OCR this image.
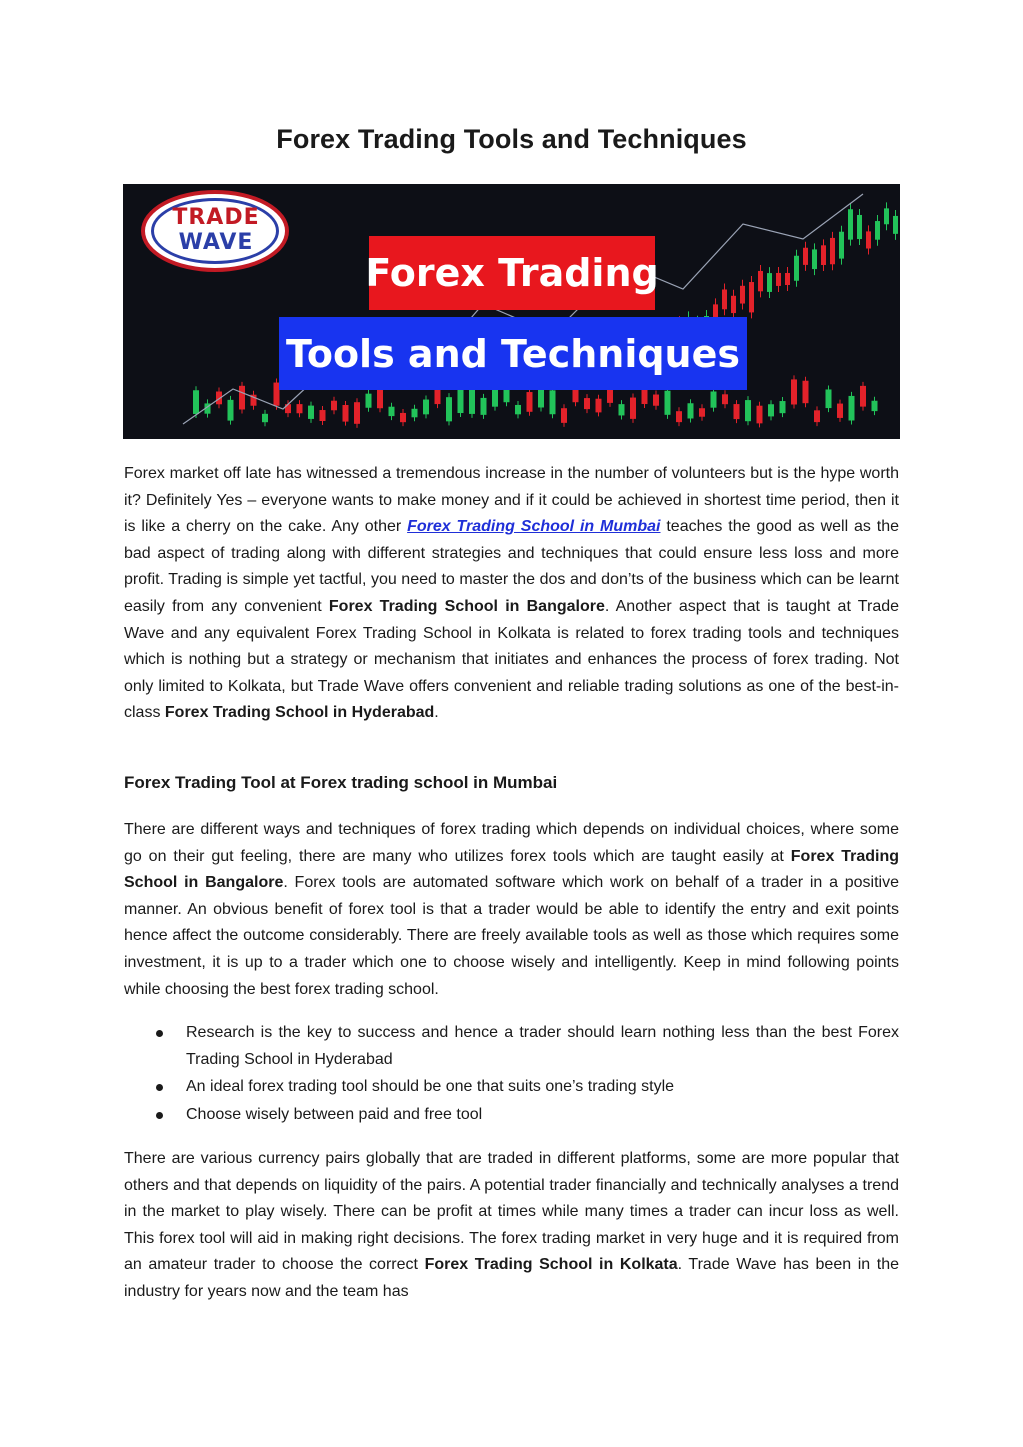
Forex Trading Tools and Techniques
TRADE
WAVE
Forex Trading
Tools and Techniques

Forex market off late has witnessed a tremendous increase in the number of volunteers but is the hype worth it? Definitely Yes – everyone wants to make money and if it could be achieved in shortest time period, then it is like a cherry on the cake. Any other Forex Trading School in Mumbai teaches the good as well as the bad aspect of trading along with different strategies and techniques that could ensure less loss and more profit. Trading is simple yet tactful, you need to master the dos and don’ts of the business which can be learnt easily from any convenient Forex Trading School in Bangalore. Another aspect that is taught at Trade Wave and any equivalent Forex Trading School in Kolkata is related to forex trading tools and techniques which is nothing but a strategy or mechanism that initiates and enhances the process of forex trading. Not only limited to Kolkata, but Trade Wave offers convenient and reliable trading solutions as one of the best-in-class Forex Trading School in Hyderabad.

Forex Trading Tool at Forex trading school in Mumbai

There are different ways and techniques of forex trading which depends on individual choices, where some go on their gut feeling, there are many who utilizes forex tools which are taught easily at Forex Trading School in Bangalore. Forex tools are automated software which work on behalf of a trader in a positive manner. An obvious benefit of forex tool is that a trader would be able to identify the entry and exit points hence affect the outcome considerably. There are freely available tools as well as those which requires some investment, it is up to a trader which one to choose wisely and intelligently. Keep in mind following points while choosing the best forex trading school.

Research is the key to success and hence a trader should learn nothing less than the best Forex Trading School in Hyderabad
An ideal forex trading tool should be one that suits one’s trading style
Choose wisely between paid and free tool

There are various currency pairs globally that are traded in different platforms, some are more popular that others and that depends on liquidity of the pairs. A potential trader financially and technically analyses a trend in the market to play wisely. There can be profit at times while many times a trader can incur loss as well. This forex tool will aid in making right decisions. The forex trading market in very huge and it is required from an amateur trader to choose the correct Forex Trading School in Kolkata. Trade Wave has been in the industry for years now and the team has
